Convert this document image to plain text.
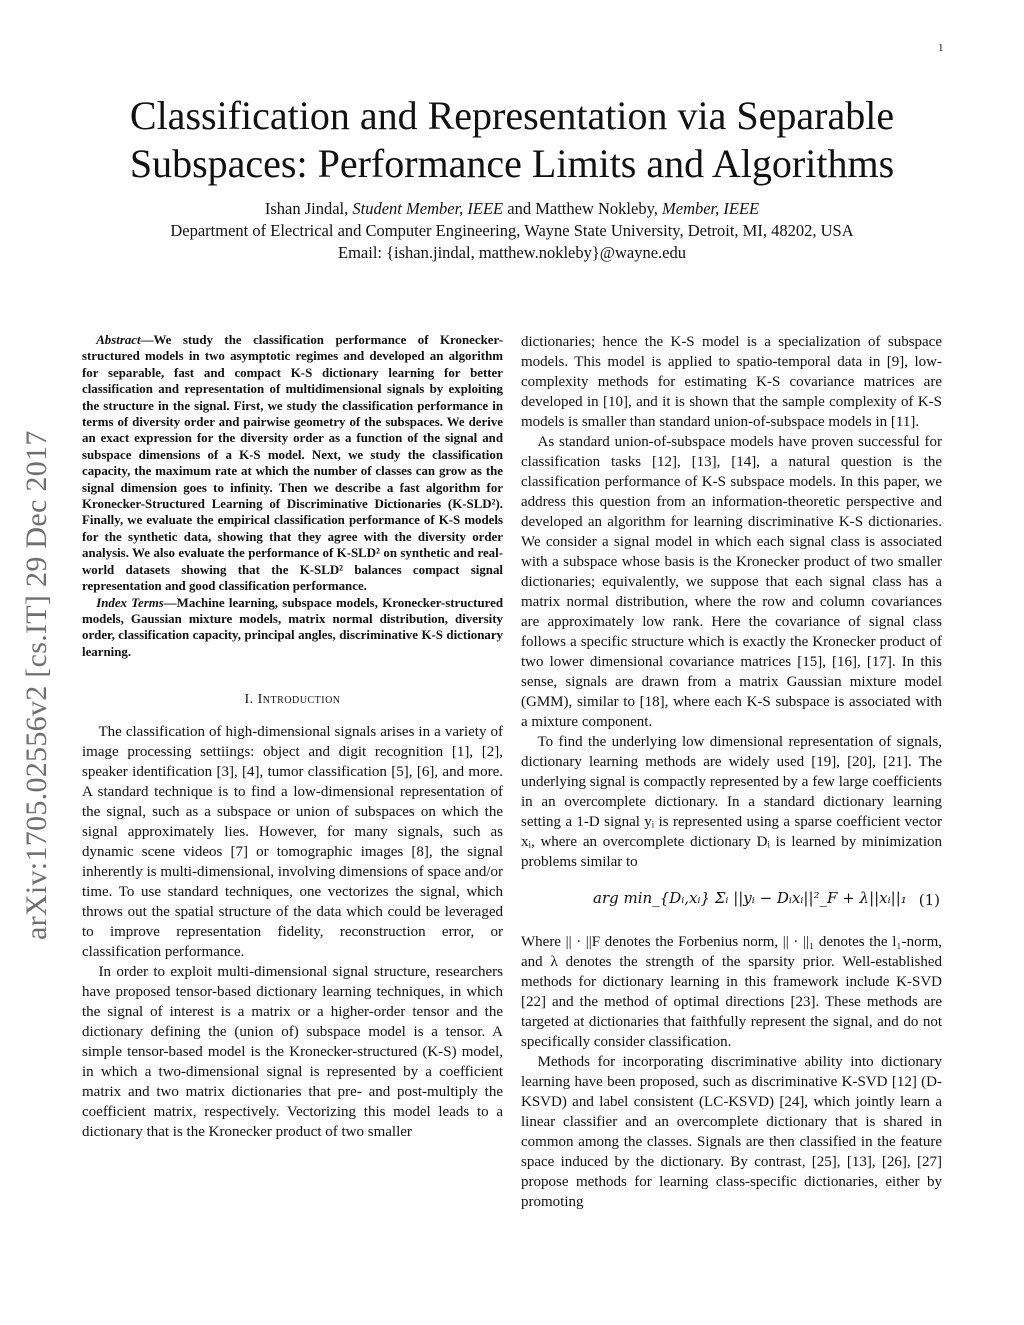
1
arXiv:1705.02556v2 [cs.IT] 29 Dec 2017
Classification and Representation via Separable Subspaces: Performance Limits and Algorithms
Ishan Jindal, Student Member, IEEE and Matthew Nokleby, Member, IEEE
Department of Electrical and Computer Engineering, Wayne State University, Detroit, MI, 48202, USA
Email: {ishan.jindal, matthew.nokleby}@wayne.edu

Abstract—We study the classification performance of Kronecker-structured models in two asymptotic regimes and developed an algorithm for separable, fast and compact K-S dictionary learning for better classification and representation of multidimensional signals by exploiting the structure in the signal. First, we study the classification performance in terms of diversity order and pairwise geometry of the subspaces. We derive an exact expression for the diversity order as a function of the signal and subspace dimensions of a K-S model. Next, we study the classification capacity, the maximum rate at which the number of classes can grow as the signal dimension goes to infinity. Then we describe a fast algorithm for Kronecker-Structured Learning of Discriminative Dictionaries (K-SLD²). Finally, we evaluate the empirical classification performance of K-S models for the synthetic data, showing that they agree with the diversity order analysis. We also evaluate the performance of K-SLD² on synthetic and real-world datasets showing that the K-SLD² balances compact signal representation and good classification performance.

Index Terms—Machine learning, subspace models, Kronecker-structured models, Gaussian mixture models, matrix normal distribution, diversity order, classification capacity, principal angles, discriminative K-S dictionary learning.

I. Introduction

The classification of high-dimensional signals arises in a variety of image processing settiings: object and digit recognition [1], [2], speaker identification [3], [4], tumor classification [5], [6], and more. A standard technique is to find a low-dimensional representation of the signal, such as a subspace or union of subspaces on which the signal approximately lies. However, for many signals, such as dynamic scene videos [7] or tomographic images [8], the signal inherently is multi-dimensional, involving dimensions of space and/or time. To use standard techniques, one vectorizes the signal, which throws out the spatial structure of the data which could be leveraged to improve representation fidelity, reconstruction error, or classification performance.

In order to exploit multi-dimensional signal structure, researchers have proposed tensor-based dictionary learning techniques, in which the signal of interest is a matrix or a higher-order tensor and the dictionary defining the (union of) subspace model is a tensor. A simple tensor-based model is the Kronecker-structured (K-S) model, in which a two-dimensional signal is represented by a coefficient matrix and two matrix dictionaries that pre- and post-multiply the coefficient matrix, respectively. Vectorizing this model leads to a dictionary that is the Kronecker product of two smaller

dictionaries; hence the K-S model is a specialization of subspace models. This model is applied to spatio-temporal data in [9], low-complexity methods for estimating K-S covariance matrices are developed in [10], and it is shown that the sample complexity of K-S models is smaller than standard union-of-subspace models in [11].

As standard union-of-subspace models have proven successful for classification tasks [12], [13], [14], a natural question is the classification performance of K-S subspace models. In this paper, we address this question from an information-theoretic perspective and developed an algorithm for learning discriminative K-S dictionaries. We consider a signal model in which each signal class is associated with a subspace whose basis is the Kronecker product of two smaller dictionaries; equivalently, we suppose that each signal class has a matrix normal distribution, where the row and column covariances are approximately low rank. Here the covariance of signal class follows a specific structure which is exactly the Kronecker product of two lower dimensional covariance matrices [15], [16], [17]. In this sense, signals are drawn from a matrix Gaussian mixture model (GMM), similar to [18], where each K-S subspace is associated with a mixture component.

To find the underlying low dimensional representation of signals, dictionary learning methods are widely used [19], [20], [21]. The underlying signal is compactly represented by a few large coefficients in an overcomplete dictionary. In a standard dictionary learning setting a 1-D signal yᵢ is represented using a sparse coefficient vector xᵢ, where an overcomplete dictionary Dᵢ is learned by minimization problems similar to

arg min_{Dᵢ,xᵢ} Σᵢ ||yᵢ − Dᵢxᵢ||²_F + λ||xᵢ||₁ (1)

Where || · ||F denotes the Forbenius norm, || · ||₁ denotes the l₁-norm, and λ denotes the strength of the sparsity prior. Well-established methods for dictionary learning in this framework include K-SVD [22] and the method of optimal directions [23]. These methods are targeted at dictionaries that faithfully represent the signal, and do not specifically consider classification.

Methods for incorporating discriminative ability into dictionary learning have been proposed, such as discriminative K-SVD [12] (D-KSVD) and label consistent (LC-KSVD) [24], which jointly learn a linear classifier and an overcomplete dictionary that is shared in common among the classes. Signals are then classified in the feature space induced by the dictionary. By contrast, [25], [13], [26], [27] propose methods for learning class-specific dictionaries, either by promoting
